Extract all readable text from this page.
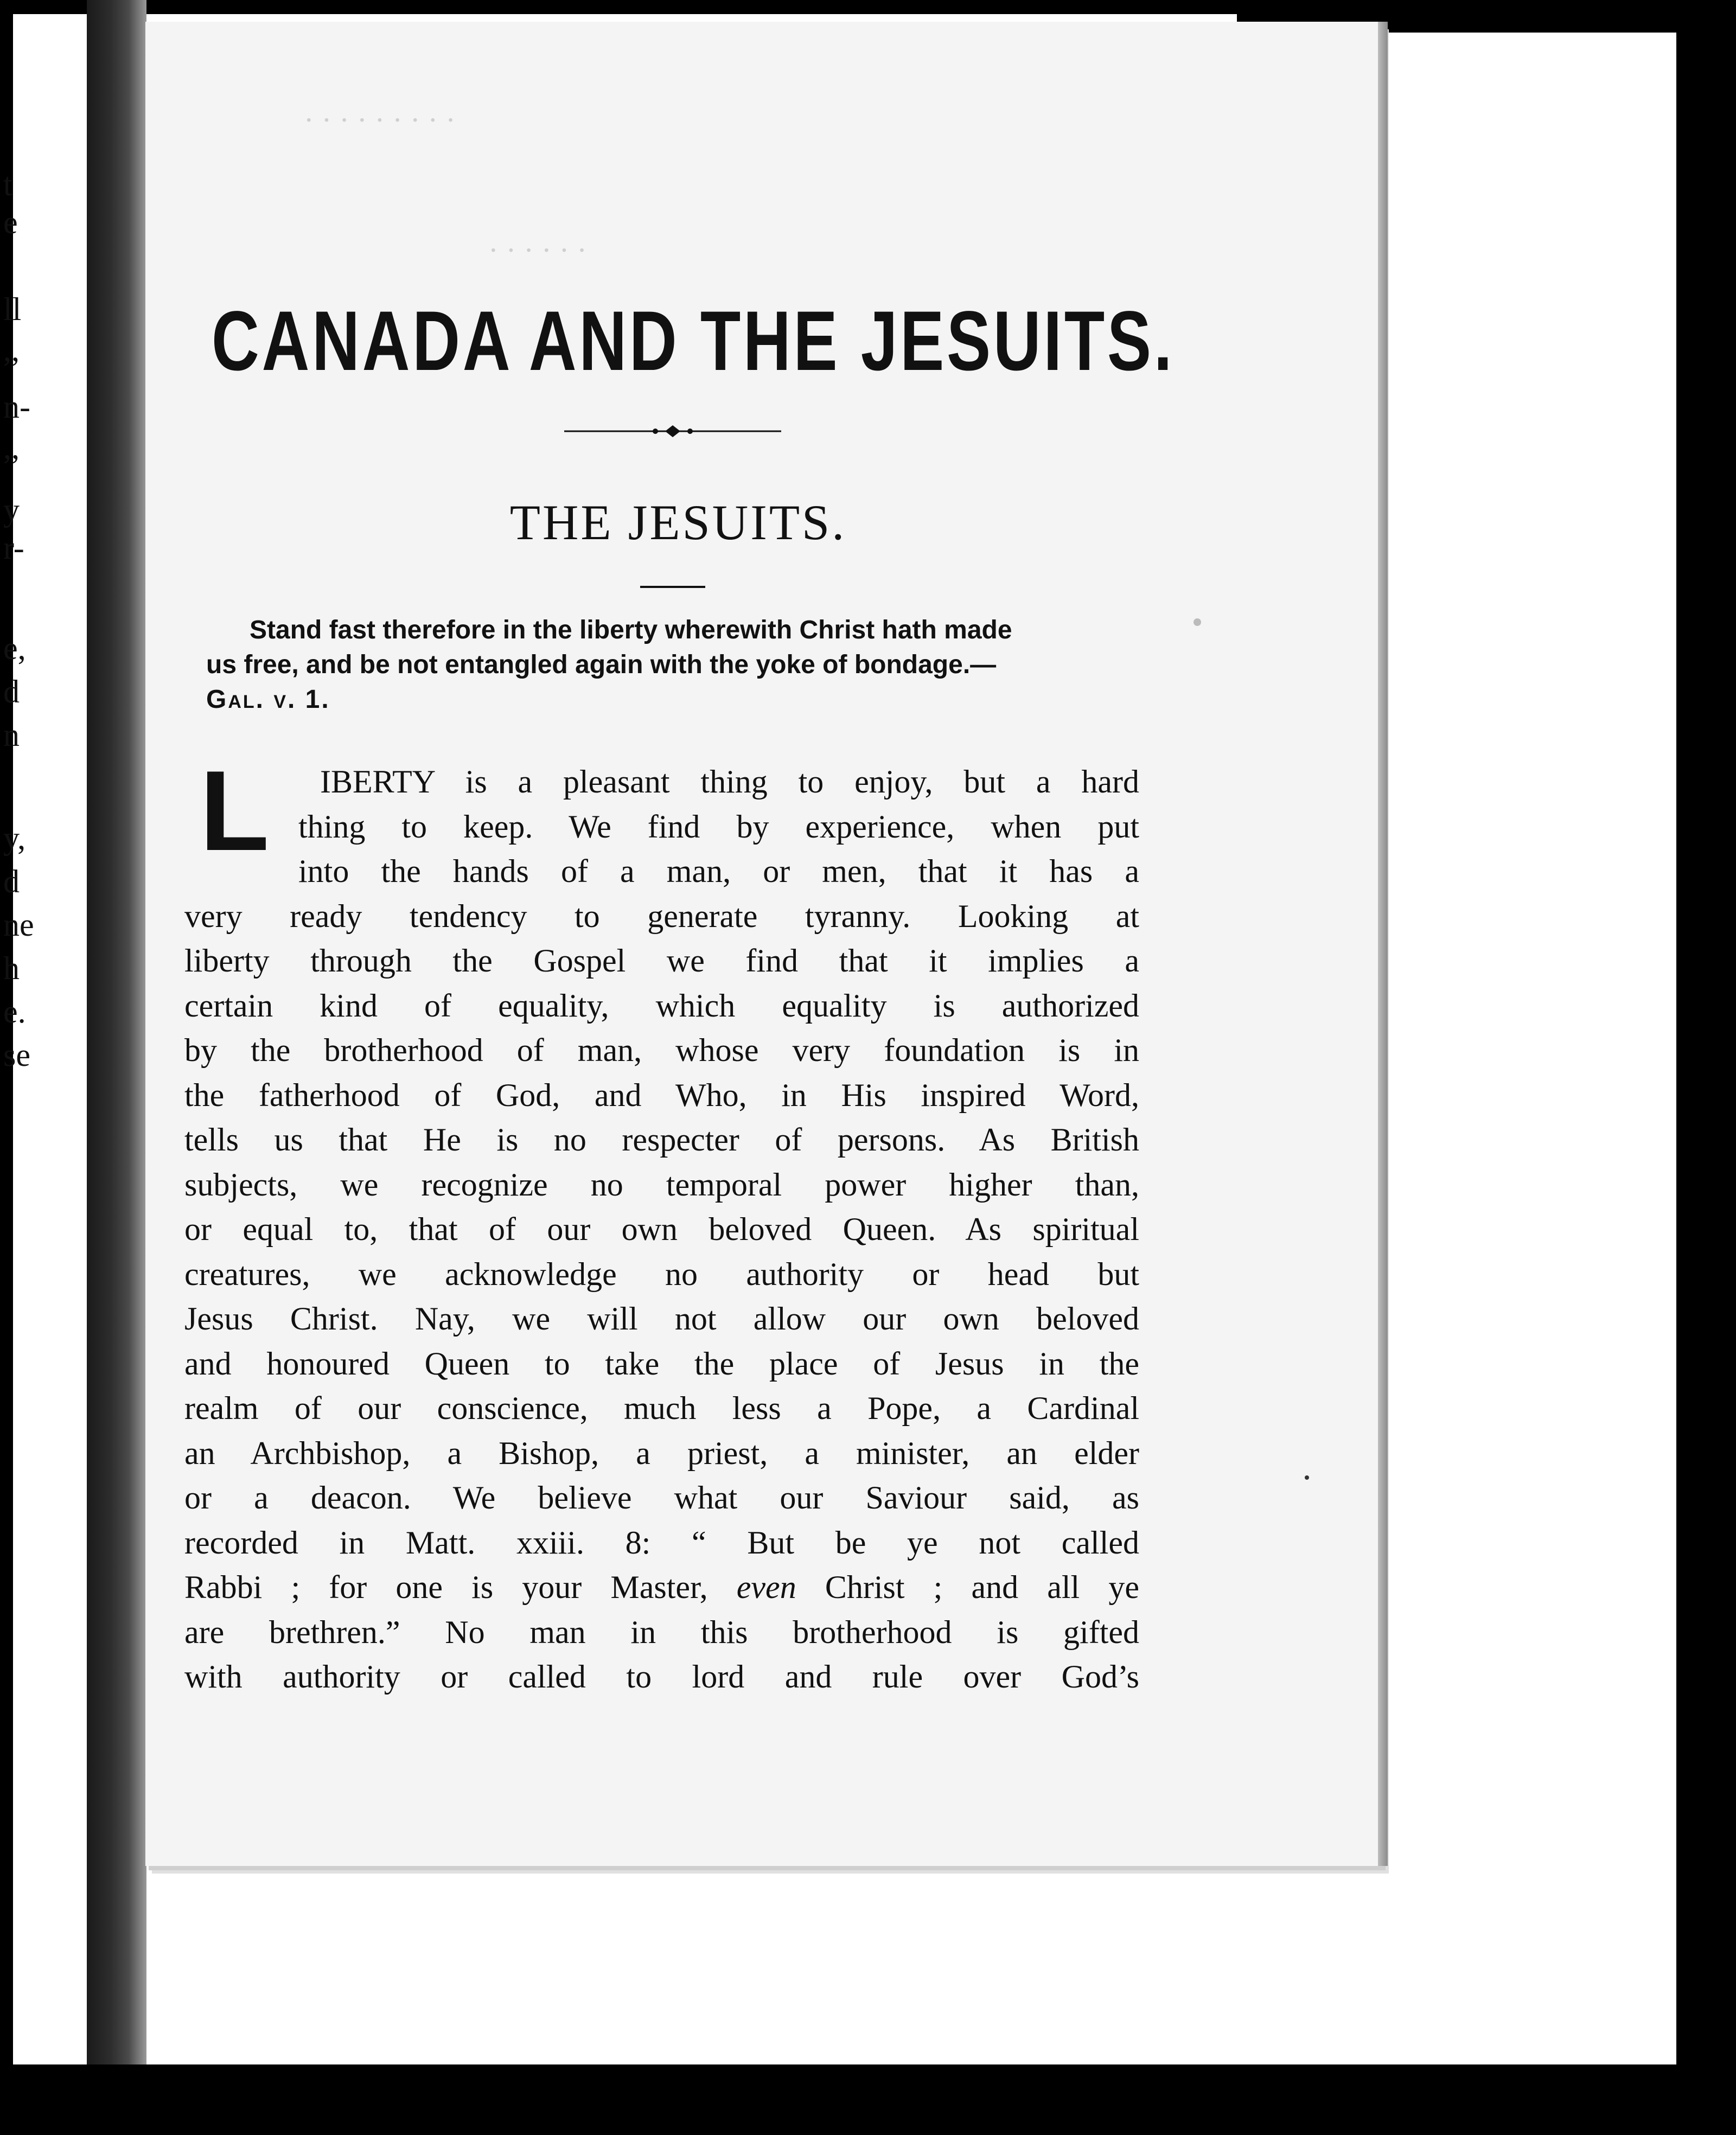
t
e
ll
,,
n-
,,
y
r-
e,
d
n
y,
d
ne
h
e.
se
· · · · · · · · ·
· · · · · ·
CANADA AND THE JESUITS.
THE JESUITS.
Stand fast therefore in the liberty wherewith Christ hath made
us free, and be not entangled again with the yoke of bondage.—
Gal. v. 1.
L	IBERTY is a pleasant thing to enjoy, but a hard
thing to keep. We find by experience, when put
into the hands of a man, or men, that it has a
very ready tendency to generate tyranny. Looking at
liberty through the Gospel we find that it implies a
certain kind of equality, which equality is authorized
by the brotherhood of man, whose very foundation is in
the fatherhood of God, and Who, in His inspired Word,
tells us that He is no respecter of persons. As British
subjects, we recognize no temporal power higher than,
or equal to, that of our own beloved Queen. As spiritual
creatures, we acknowledge no authority or head but
Jesus Christ. Nay, we will not allow our own beloved
and honoured Queen to take the place of Jesus in the
realm of our conscience, much less a Pope, a Cardinal
an Archbishop, a Bishop, a priest, a minister, an elder
or a deacon. We believe what our Saviour said, as
recorded in Matt. xxiii. 8: “ But be ye not called
Rabbi ; for one is your Master, even Christ ; and all ye
are brethren.” No man in this brotherhood is gifted
with authority or called to lord and rule over God’s
